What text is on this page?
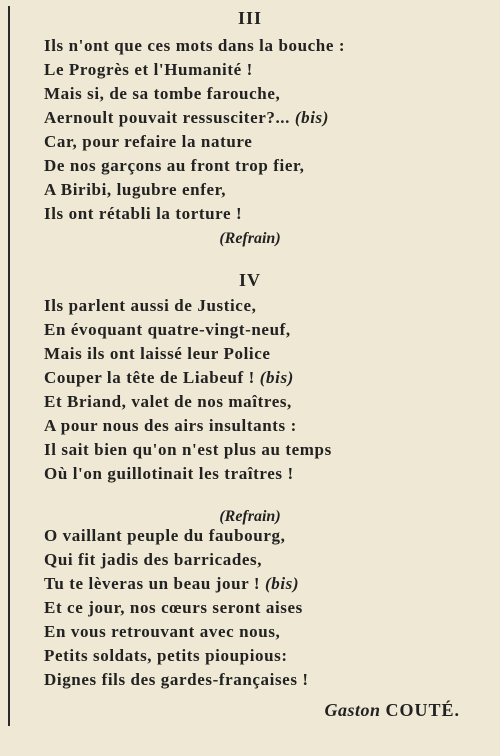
III
Ils n'ont que ces mots dans la bouche :
Le Progrès et l'Humanité !
Mais si, de sa tombe farouche,
Aernoult pouvait ressusciter?... (bis)
Car, pour refaire la nature
De nos garçons au front trop fier,
A Biribi, lugubre enfer,
Ils ont rétabli la torture !
(Refrain)
IV
Ils parlent aussi de Justice,
En évoquant quatre-vingt-neuf,
Mais ils ont laissé leur Police
Couper la tête de Liabeuf ! (bis)
Et Briand, valet de nos maîtres,
A pour nous des airs insultants :
Il sait bien qu'on n'est plus au temps
Où l'on guillotinait les traîtres !
(Refrain)
O vaillant peuple du faubourg,
Qui fit jadis des barricades,
Tu te lèveras un beau jour ! (bis)
Et ce jour, nos cœurs seront aises
En vous retrouvant avec nous,
Petits soldats, petits pioupious:
Dignes fils des gardes-françaises !
Gaston COUTÉ.
